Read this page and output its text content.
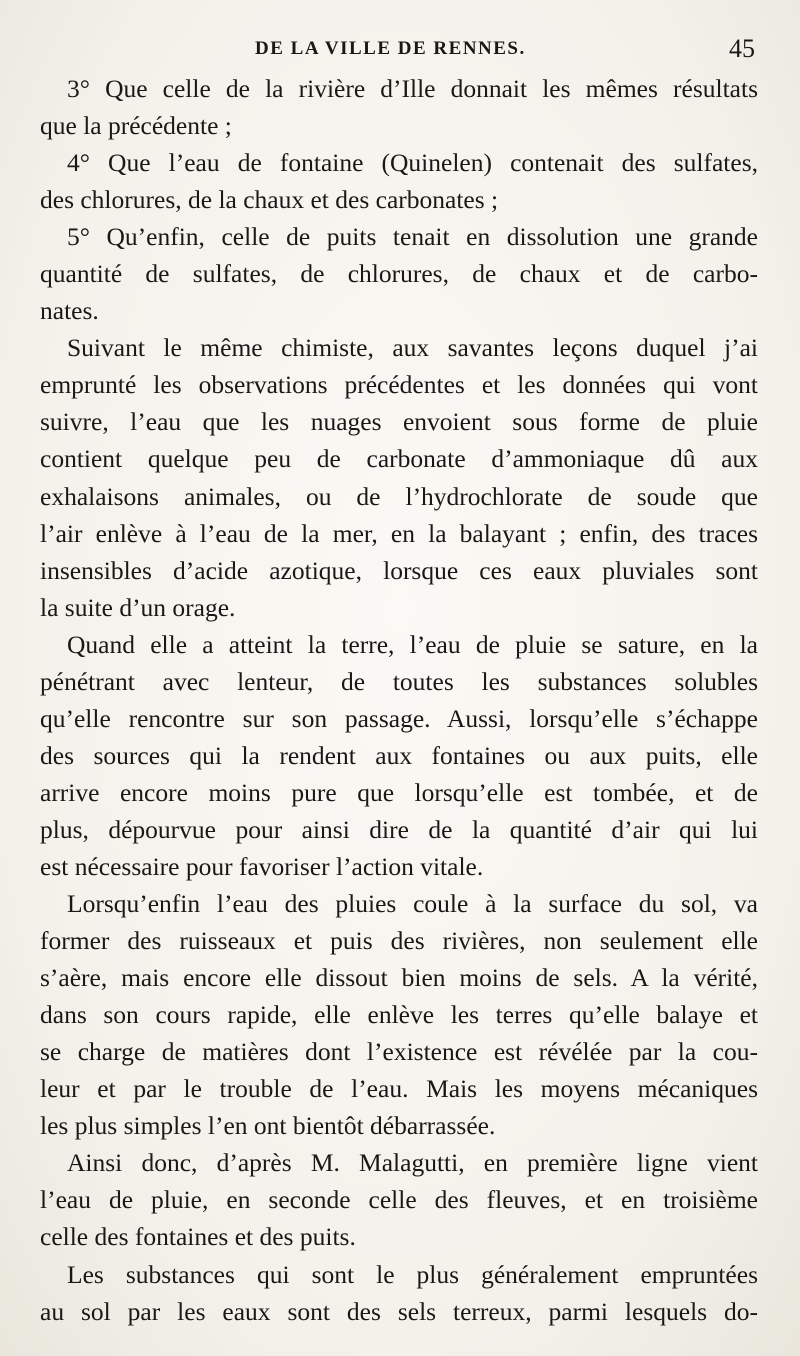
DE LA VILLE DE RENNES.	45

3° Que celle de la rivière d’Ille donnait les mêmes résultats
que la précédente ;

4° Que l’eau de fontaine (Quinelen) contenait des sulfates,
des chlorures, de la chaux et des carbonates ;

5° Qu’enfin, celle de puits tenait en dissolution une grande
quantité de sulfates, de chlorures, de chaux et de carbo-
nates.

Suivant le même chimiste, aux savantes leçons duquel j’ai
emprunté les observations précédentes et les données qui vont
suivre, l’eau que les nuages envoient sous forme de pluie
contient quelque peu de carbonate d’ammoniaque dû aux
exhalaisons animales, ou de l’hydrochlorate de soude que
l’air enlève à l’eau de la mer, en la balayant ; enfin, des traces
insensibles d’acide azotique, lorsque ces eaux pluviales sont
la suite d’un orage.

Quand elle a atteint la terre, l’eau de pluie se sature, en la
pénétrant avec lenteur, de toutes les substances solubles
qu’elle rencontre sur son passage. Aussi, lorsqu’elle s’échappe
des sources qui la rendent aux fontaines ou aux puits, elle
arrive encore moins pure que lorsqu’elle est tombée, et de
plus, dépourvue pour ainsi dire de la quantité d’air qui lui
est nécessaire pour favoriser l’action vitale.

Lorsqu’enfin l’eau des pluies coule à la surface du sol, va
former des ruisseaux et puis des rivières, non seulement elle
s’aère, mais encore elle dissout bien moins de sels. A la vérité,
dans son cours rapide, elle enlève les terres qu’elle balaye et
se charge de matières dont l’existence est révélée par la cou-
leur et par le trouble de l’eau. Mais les moyens mécaniques
les plus simples l’en ont bientôt débarrassée.

Ainsi donc, d’après M. Malagutti, en première ligne vient
l’eau de pluie, en seconde celle des fleuves, et en troisième
celle des fontaines et des puits.

Les substances qui sont le plus généralement empruntées
au sol par les eaux sont des sels terreux, parmi lesquels do-
